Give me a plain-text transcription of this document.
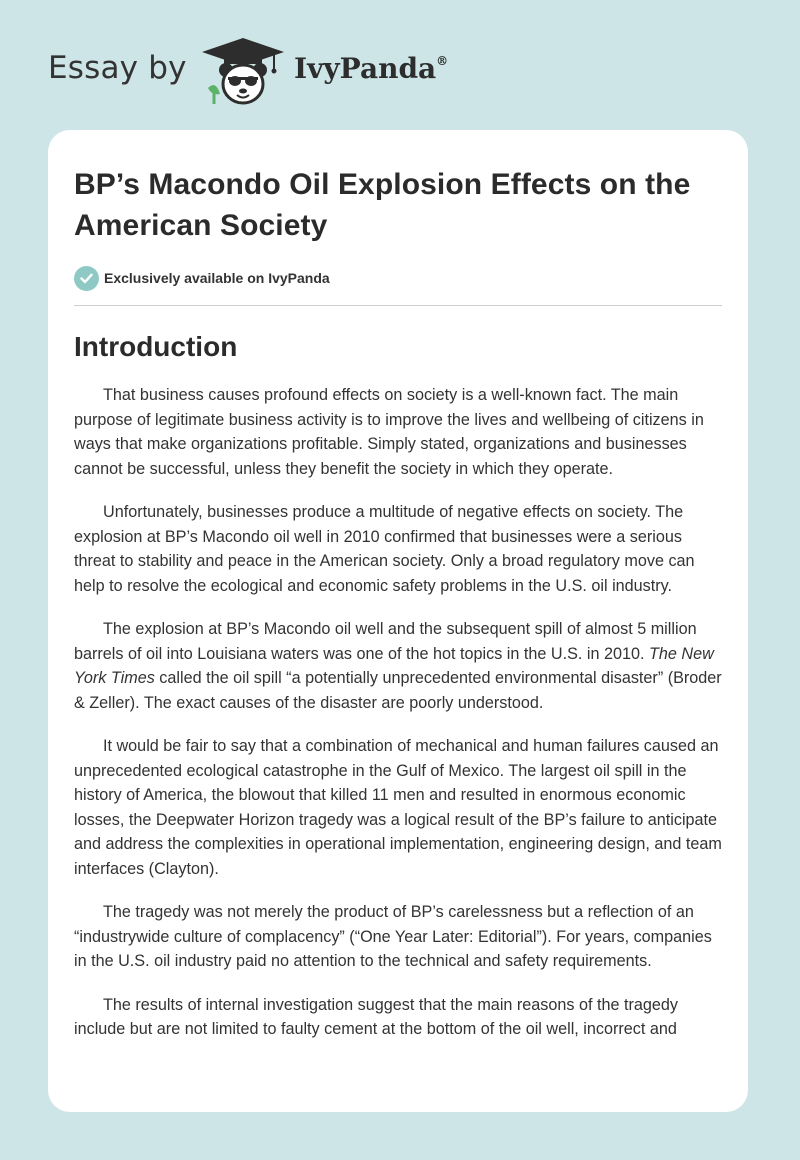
Essay by	IvyPanda®
BP’s Macondo Oil Explosion Effects on the American Society
Exclusively available on IvyPanda
Introduction

That business causes profound effects on society is a well-known fact. The main purpose of legitimate business activity is to improve the lives and wellbeing of citizens in ways that make organizations profitable. Simply stated, organizations and businesses cannot be successful, unless they benefit the society in which they operate.

Unfortunately, businesses produce a multitude of negative effects on society. The explosion at BP’s Macondo oil well in 2010 confirmed that businesses were a serious threat to stability and peace in the American society. Only a broad regulatory move can help to resolve the ecological and economic safety problems in the U.S. oil industry.

The explosion at BP’s Macondo oil well and the subsequent spill of almost 5 million barrels of oil into Louisiana waters was one of the hot topics in the U.S. in 2010. The New York Times called the oil spill “a potentially unprecedented environmental disaster” (Broder & Zeller). The exact causes of the disaster are poorly understood.

It would be fair to say that a combination of mechanical and human failures caused an unprecedented ecological catastrophe in the Gulf of Mexico. The largest oil spill in the history of America, the blowout that killed 11 men and resulted in enormous economic losses, the Deepwater Horizon tragedy was a logical result of the BP’s failure to anticipate and address the complexities in operational implementation, engineering design, and team interfaces (Clayton).

The tragedy was not merely the product of BP’s carelessness but a reflection of an “industrywide culture of complacency” (“One Year Later: Editorial”). For years, companies in the U.S. oil industry paid no attention to the technical and safety requirements.

The results of internal investigation suggest that the main reasons of the tragedy include but are not limited to faulty cement at the bottom of the oil well, incorrect and
